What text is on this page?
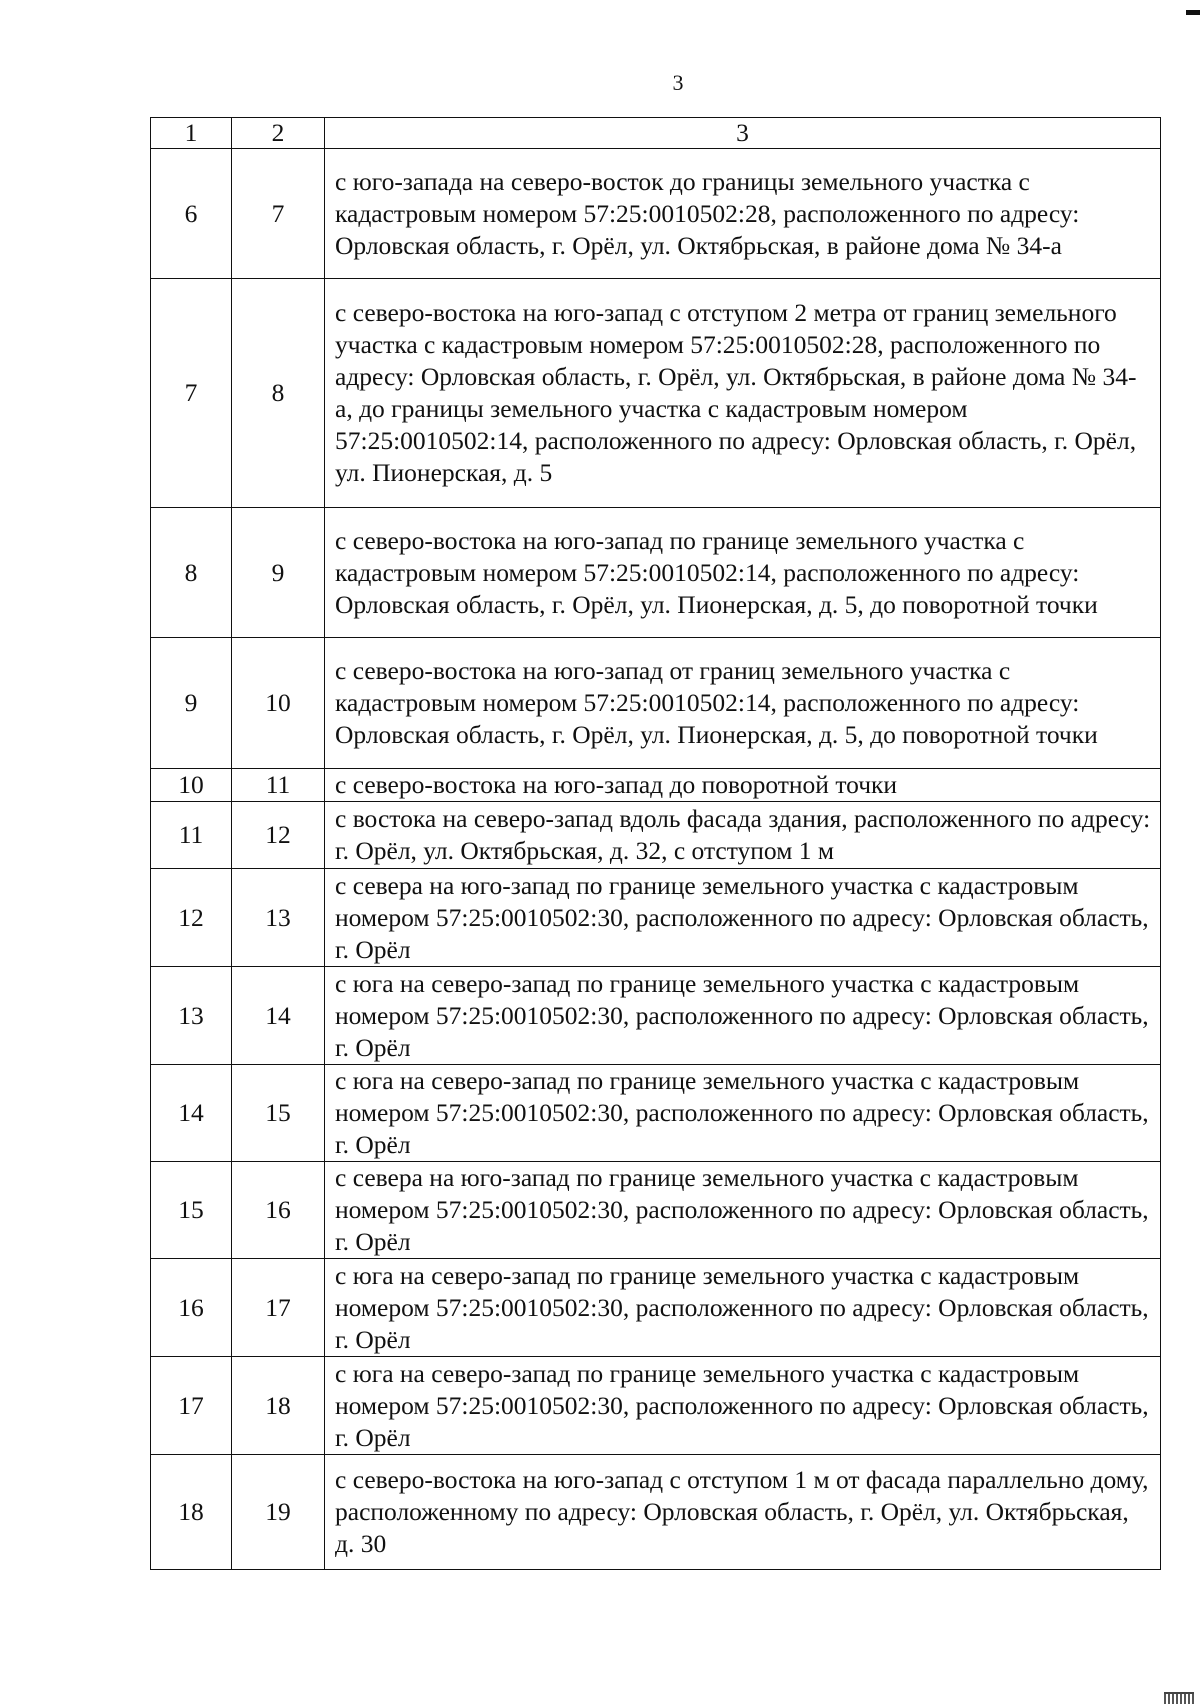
3
1	2	3
6	7	с юго-запада на северо-восток до границы земельного участка с кадастровым номером 57:25:0010502:28, расположенного по адресу: Орловская область, г. Орёл, ул. Октябрьская, в районе дома № 34-а
7	8	с северо-востока на юго-запад с отступом 2 метра от границ земельного участка с кадастровым номером 57:25:0010502:28, расположенного по адресу: Орловская область, г. Орёл, ул. Октябрьская, в районе дома № 34-а, до границы земельного участка с кадастровым номером 57:25:0010502:14, расположенного по адресу: Орловская область, г. Орёл, ул. Пионерская, д. 5
8	9	с северо-востока на юго-запад по границе земельного участка с кадастровым номером 57:25:0010502:14, расположенного по адресу: Орловская область, г. Орёл, ул. Пионерская, д. 5, до поворотной точки
9	10	с северо-востока на юго-запад от границ земельного участка с кадастровым номером 57:25:0010502:14, расположенного по адресу: Орловская область, г. Орёл, ул. Пионерская, д. 5, до поворотной точки
10	11	с северо-востока на юго-запад до поворотной точки
11	12	с востока на северо-запад вдоль фасада здания, расположенного по адресу: г. Орёл, ул. Октябрьская, д. 32, с отступом 1 м
12	13	с севера на юго-запад по границе земельного участка с кадастровым номером 57:25:0010502:30, расположенного по адресу: Орловская область, г. Орёл
13	14	с юга на северо-запад по границе земельного участка с кадастровым номером 57:25:0010502:30, расположенного по адресу: Орловская область, г. Орёл
14	15	с юга на северо-запад по границе земельного участка с кадастровым номером 57:25:0010502:30, расположенного по адресу: Орловская область, г. Орёл
15	16	с севера на юго-запад по границе земельного участка с кадастровым номером 57:25:0010502:30, расположенного по адресу: Орловская область, г. Орёл
16	17	с юга на северо-запад по границе земельного участка с кадастровым номером 57:25:0010502:30, расположенного по адресу: Орловская область, г. Орёл
17	18	с юга на северо-запад по границе земельного участка с кадастровым номером 57:25:0010502:30, расположенного по адресу: Орловская область, г. Орёл
18	19	с северо-востока на юго-запад с отступом 1 м от фасада параллельно дому, расположенному по адресу: Орловская область, г. Орёл, ул. Октябрьская, д. 30
